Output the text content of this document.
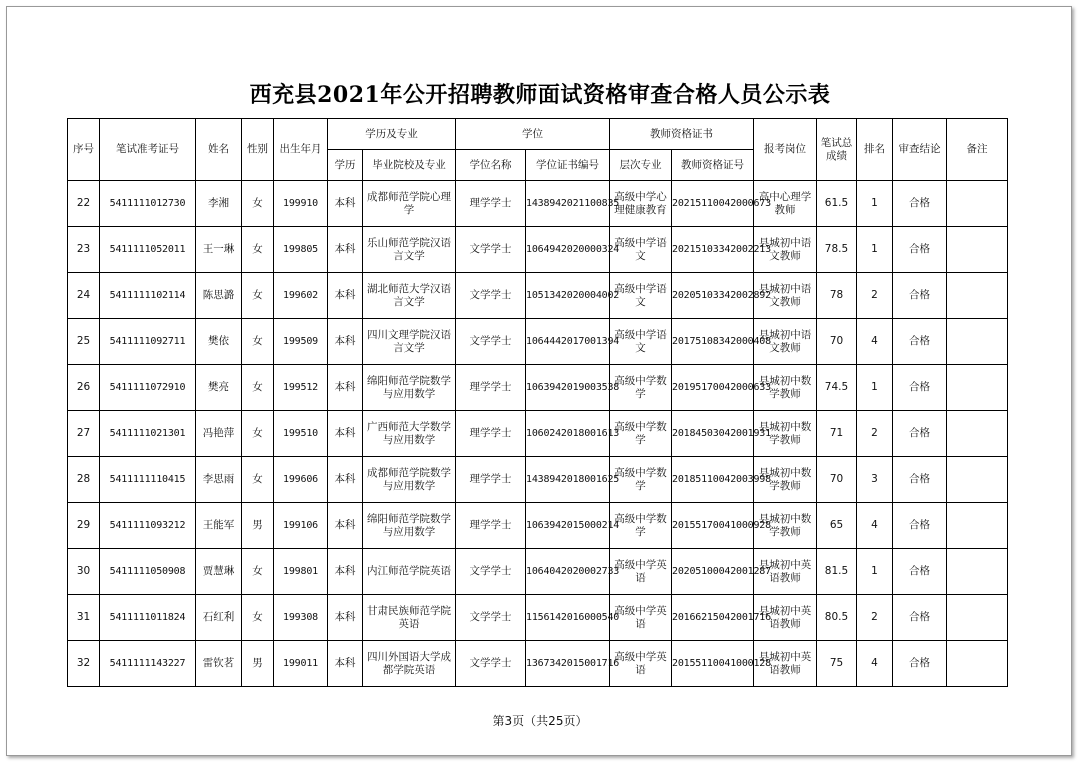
西充县2021年公开招聘教师面试资格审查合格人员公示表
序号	笔试准考证号	姓名	性别	出生年月	学历及专业		学位		教师资格证书		报考岗位	笔试总成绩	排名	审查结论	备注
					学历	毕业院校及专业	学位名称	学位证书编号	层次专业	教师资格证号					
22	5411111012730	李湘	女	199910	本科	成都师范学院心理学	理学学士	1438942021100835	高级中学心理健康教育	20215110042000673	高中心理学教师	61.5	1	合格	
23	5411111052011	王一琳	女	199805	本科	乐山师范学院汉语言文学	文学学士	1064942020000324	高级中学语文	20215103342002213	县城初中语文教师	78.5	1	合格	
24	5411111102114	陈思潞	女	199602	本科	湖北师范大学汉语言文学	文学学士	1051342020004002	高级中学语文	20205103342002892	县城初中语文教师	78	2	合格	
25	5411111092711	樊依	女	199509	本科	四川文理学院汉语言文学	文学学士	1064442017001394	高级中学语文	20175108342000408	县城初中语文教师	70	4	合格	
26	5411111072910	樊亮	女	199512	本科	绵阳师范学院数学与应用数学	理学学士	1063942019003538	高级中学数学	20195170042000633	县城初中数学教师	74.5	1	合格	
27	5411111021301	冯艳萍	女	199510	本科	广西师范大学数学与应用数学	理学学士	1060242018001613	高级中学数学	20184503042001931	县城初中数学教师	71	2	合格	
28	5411111110415	李思雨	女	199606	本科	成都师范学院数学与应用数学	理学学士	1438942018001625	高级中学数学	20185110042003998	县城初中数学教师	70	3	合格	
29	5411111093212	王能军	男	199106	本科	绵阳师范学院数学与应用数学	理学学士	1063942015000214	高级中学数学	20155170041000928	县城初中数学教师	65	4	合格	
30	5411111050908	贾慧琳	女	199801	本科	内江师范学院英语	文学学士	1064042020002733	高级中学英语	20205100042001287	县城初中英语教师	81.5	1	合格	
31	5411111011824	石红利	女	199308	本科	甘肃民族师范学院英语	文学学士	1156142016000540	高级中学英语	20166215042001716	县城初中英语教师	80.5	2	合格	
32	5411111143227	雷钦茗	男	199011	本科	四川外国语大学成都学院英语	文学学士	1367342015001716	高级中学英语	20155110041000128	县城初中英语教师	75	4	合格	
第3页（共25页）
